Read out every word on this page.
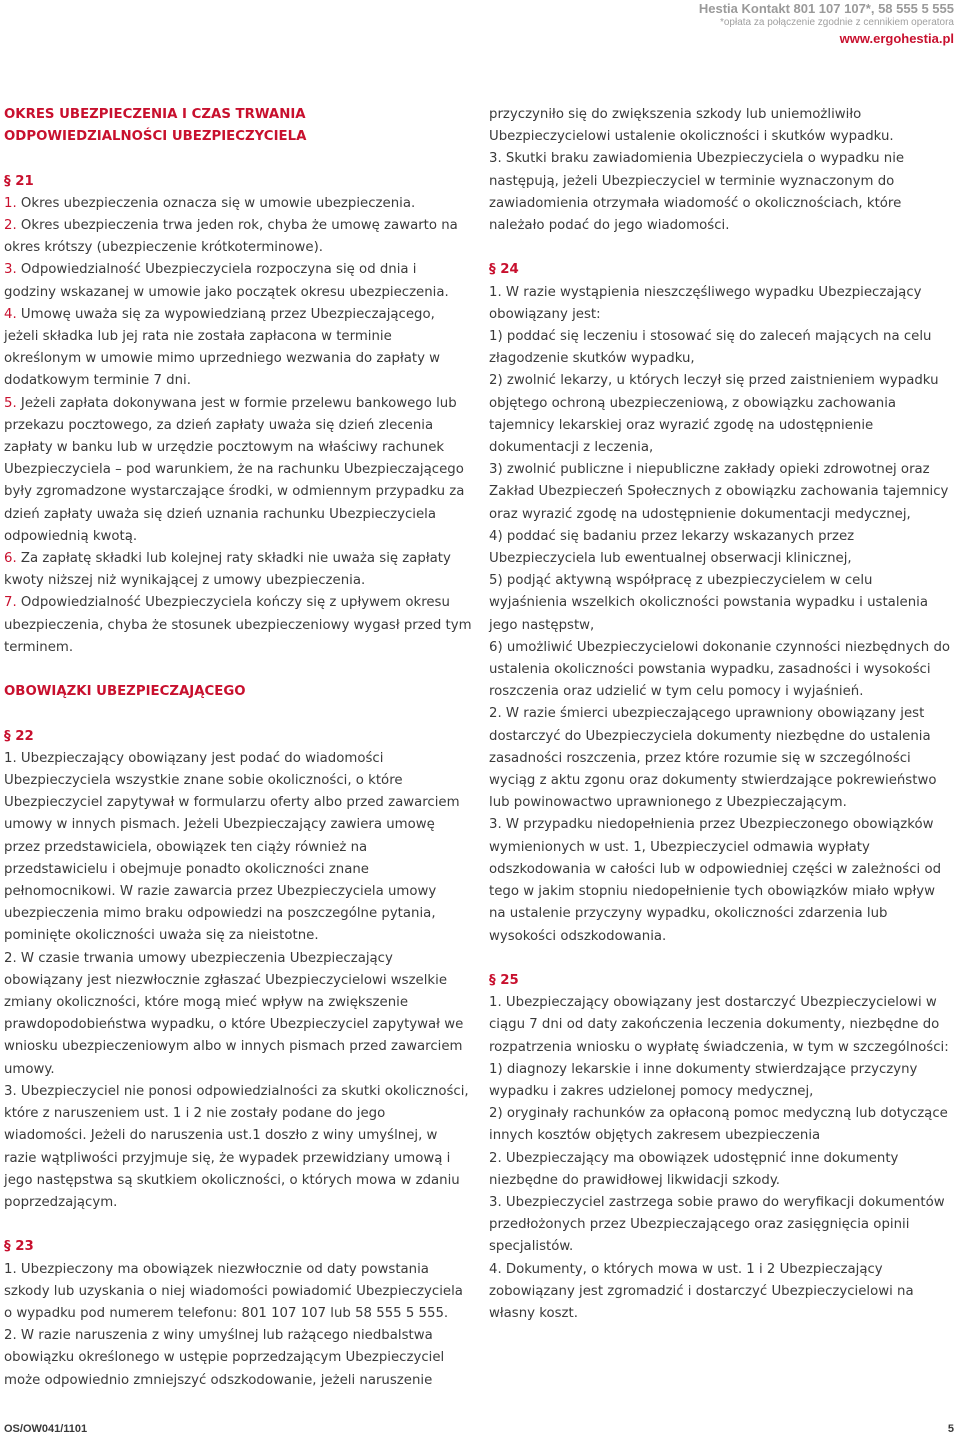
Hestia Kontakt 801 107 107*, 58 555 5 555
*opłata za połączenie zgodnie z cennikiem operatora
www.ergohestia.pl
OKRES UBEZPIECZENIA I CZAS TRWANIA ODPOWIEDZIALNOŚCI UBEZPIECZYCIELA

§ 21

1. Okres ubezpieczenia oznacza się w umowie ubezpieczenia.

2. Okres ubezpieczenia trwa jeden rok, chyba że umowę zawarto na okres krótszy (ubezpieczenie krótkoterminowe).

3. Odpowiedzialność Ubezpieczyciela rozpoczyna się od dnia i godziny wskazanej w umowie jako początek okresu ubezpieczenia.

4. Umowę uważa się za wypowiedzianą przez Ubezpieczającego, jeżeli składka lub jej rata nie została zapłacona w terminie określonym w umowie mimo uprzedniego wezwania do zapłaty w dodatkowym terminie 7 dni.

5. Jeżeli zapłata dokonywana jest w formie przelewu bankowego lub przekazu pocztowego, za dzień zapłaty uważa się dzień zlecenia zapłaty w banku lub w urzędzie pocztowym na właściwy rachunek Ubezpieczyciela – pod warunkiem, że na rachunku Ubezpieczającego były zgromadzone wystarczające środki, w odmiennym przypadku za dzień zapłaty uważa się dzień uznania rachunku Ubezpieczyciela odpowiednią kwotą.

6. Za zapłatę składki lub kolejnej raty składki nie uważa się zapłaty kwoty niższej niż wynikającej z umowy ubezpieczenia.

7. Odpowiedzialność Ubezpieczyciela kończy się z upływem okresu ubezpieczenia, chyba że stosunek ubezpieczeniowy wygasł przed tym terminem.

OBOWIĄZKI UBEZPIECZAJĄCEGO

§ 22

1. Ubezpieczający obowiązany jest podać do wiadomości Ubezpieczyciela wszystkie znane sobie okoliczności, o które Ubezpieczyciel zapytywał w formularzu oferty albo przed zawarciem umowy w innych pismach. Jeżeli Ubezpieczający zawiera umowę przez przedstawiciela, obowiązek ten ciąży również na przedstawicielu i obejmuje ponadto okoliczności znane pełnomocnikowi. W razie zawarcia przez Ubezpieczyciela umowy ubezpieczenia mimo braku odpowiedzi na poszczególne pytania, pominięte okoliczności uważa się za nieistotne.

2. W czasie trwania umowy ubezpieczenia Ubezpieczający obowiązany jest niezwłocznie zgłaszać Ubezpieczycielowi wszelkie zmiany okoliczności, które mogą mieć wpływ na zwiększenie prawdopodobieństwa wypadku, o które Ubezpieczyciel zapytywał we wniosku ubezpieczeniowym albo w innych pismach przed zawarciem umowy.

3. Ubezpieczyciel nie ponosi odpowiedzialności za skutki okoliczności, które z naruszeniem ust. 1 i 2 nie zostały podane do jego wiadomości. Jeżeli do naruszenia ust.1 doszło z winy umyślnej, w razie wątpliwości przyjmuje się, że wypadek przewidziany umową i jego następstwa są skutkiem okoliczności, o których mowa w zdaniu poprzedzającym.

§ 23

1. Ubezpieczony ma obowiązek niezwłocznie od daty powstania szkody lub uzyskania o niej wiadomości powiadomić Ubezpieczyciela o wypadku pod numerem telefonu: 801 107 107 lub 58 555 5 555.

2. W razie naruszenia z winy umyślnej lub rażącego niedbalstwa obowiązku określonego w ustępie poprzedzającym Ubezpieczyciel może odpowiednio zmniejszyć odszkodowanie, jeżeli naruszenie

przyczyniło się do zwiększenia szkody lub uniemożliwiło Ubezpieczycielowi ustalenie okoliczności i skutków wypadku.

3. Skutki braku zawiadomienia Ubezpieczyciela o wypadku nie następują, jeżeli Ubezpieczyciel w terminie wyznaczonym do zawiadomienia otrzymała wiadomość o okolicznościach, które należało podać do jego wiadomości.

§ 24

1. W razie wystąpienia nieszczęśliwego wypadku Ubezpieczający obowiązany jest:

1) poddać się leczeniu i stosować się do zaleceń mających na celu złagodzenie skutków wypadku,

2) zwolnić lekarzy, u których leczył się przed zaistnieniem wypadku objętego ochroną ubezpieczeniową, z obowiązku zachowania tajemnicy lekarskiej oraz wyrazić zgodę na udostępnienie dokumentacji z leczenia,

3) zwolnić publiczne i niepubliczne zakłady opieki zdrowotnej oraz Zakład Ubezpieczeń Społecznych z obowiązku zachowania tajemnicy oraz wyrazić zgodę na udostępnienie dokumentacji medycznej,

4) poddać się badaniu przez lekarzy wskazanych przez Ubezpieczyciela lub ewentualnej obserwacji klinicznej,

5) podjąć aktywną współpracę z ubezpieczycielem w celu wyjaśnienia wszelkich okoliczności powstania wypadku i ustalenia jego następstw,

6) umożliwić Ubezpieczycielowi dokonanie czynności niezbędnych do ustalenia okoliczności powstania wypadku, zasadności i wysokości roszczenia oraz udzielić w tym celu pomocy i wyjaśnień.

2. W razie śmierci ubezpieczającego uprawniony obowiązany jest dostarczyć do Ubezpieczyciela dokumenty niezbędne do ustalenia zasadności roszczenia, przez które rozumie się w szczególności wyciąg z aktu zgonu oraz dokumenty stwierdzające pokrewieństwo lub powinowactwo uprawnionego z Ubezpieczającym.

3. W przypadku niedopełnienia przez Ubezpieczonego obowiązków wymienionych w ust. 1, Ubezpieczyciel odmawia wypłaty odszkodowania w całości lub w odpowiedniej części w zależności od tego w jakim stopniu niedopełnienie tych obowiązków miało wpływ na ustalenie przyczyny wypadku, okoliczności zdarzenia lub wysokości odszkodowania.

§ 25

1. Ubezpieczający obowiązany jest dostarczyć Ubezpieczycielowi w ciągu 7 dni od daty zakończenia leczenia dokumenty, niezbędne do rozpatrzenia wniosku o wypłatę świadczenia, w tym w szczególności:

1) diagnozy lekarskie i inne dokumenty stwierdzające przyczyny wypadku i zakres udzielonej pomocy medycznej,

2) oryginały rachunków za opłaconą pomoc medyczną lub dotyczące innych kosztów objętych zakresem ubezpieczenia

2. Ubezpieczający ma obowiązek udostępnić inne dokumenty niezbędne do prawidłowej likwidacji szkody.

3. Ubezpieczyciel zastrzega sobie prawo do weryfikacji dokumentów przedłożonych przez Ubezpieczającego oraz zasięgnięcia opinii specjalistów.

4. Dokumenty, o których mowa w ust. 1 i 2 Ubezpieczający zobowiązany jest zgromadzić i dostarczyć Ubezpieczycielowi na własny koszt.

OS/OW041/1101	5
